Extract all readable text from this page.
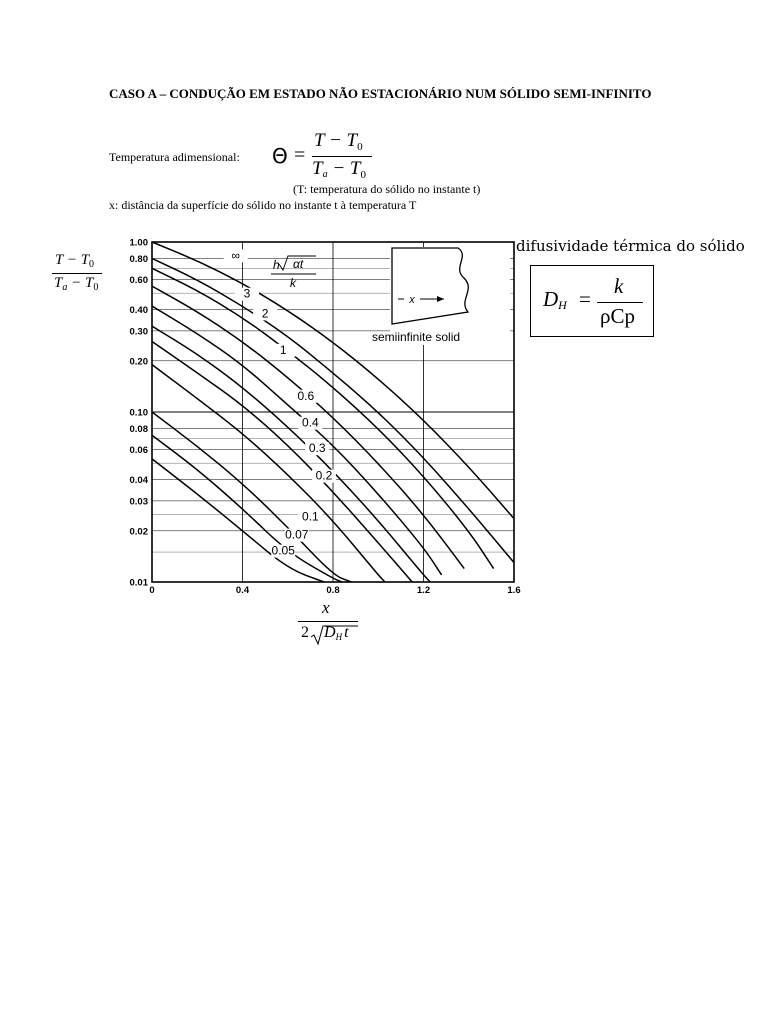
CASO A – CONDUÇÃO EM ESTADO NÃO ESTACIONÁRIO NUM SÓLIDO SEMI-INFINITO
Temperatura adimensional: Θ =
$T - T_0$
$T_a - T_0$
(T: temperatura do sólido no instante t)
x: distância da superfície do sólido no instante t à temperatura T
$T - T_0$
$T_a - T_0$
difusividade térmica do sólido
$D_H$ =
k
ρCp
∞
3
2
1
0.6
0.4
0.3
0.2
0.1
0.07
0.05
1.00
0.80
0.60
0.40
0.30
0.20
0.10
0.08
0.06
0.04
0.03
0.02
0.01
0	0.4	0.8	1.2	1.6
x
semiinfinite solid
h αt
k
x
2 $D_H$ t
